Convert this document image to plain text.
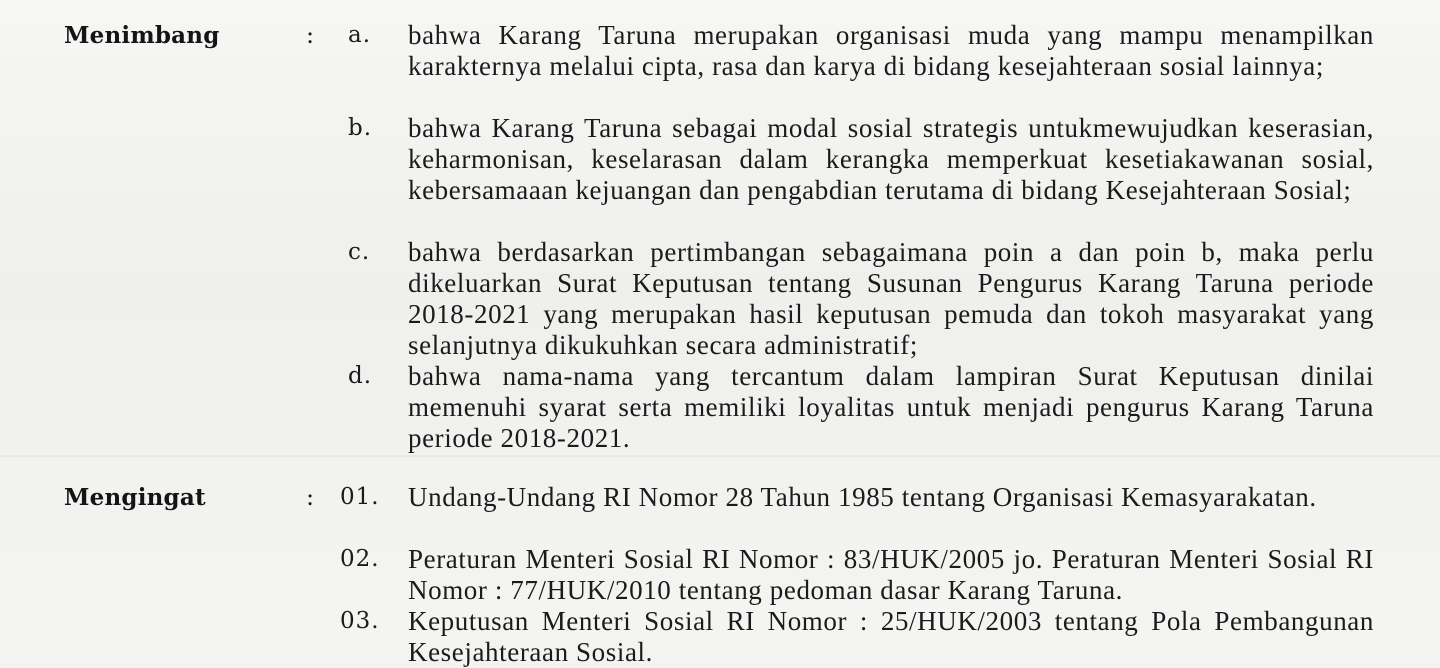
Menimbang	: a. bahwa Karang Taruna merupakan organisasi muda yang mampu menampilkan karakternya melalui cipta, rasa dan karya di bidang kesejahteraan sosial lainnya;
b. bahwa Karang Taruna sebagai modal sosial strategis untukmewujudkan keserasian, keharmonisan, keselarasan dalam kerangka memperkuat kesetiakawanan sosial, kebersamaaan kejuangan dan pengabdian terutama di bidang Kesejahteraan Sosial;
c. bahwa berdasarkan pertimbangan sebagaimana poin a dan poin b, maka perlu dikeluarkan Surat Keputusan tentang Susunan Pengurus Karang Taruna periode 2018-2021 yang merupakan hasil keputusan pemuda dan tokoh masyarakat yang selanjutnya dikukuhkan secara administratif;
d. bahwa nama-nama yang tercantum dalam lampiran Surat Keputusan dinilai memenuhi syarat serta memiliki loyalitas untuk menjadi pengurus Karang Taruna periode 2018-2021.
Mengingat	: 01. Undang-Undang RI Nomor 28 Tahun 1985 tentang Organisasi Kemasyarakatan.
02. Peraturan Menteri Sosial RI Nomor : 83/HUK/2005 jo. Peraturan Menteri Sosial RI Nomor : 77/HUK/2010 tentang pedoman dasar Karang Taruna.
03. Keputusan Menteri Sosial RI Nomor : 25/HUK/2003 tentang Pola Pembangunan Kesejahteraan Sosial.
